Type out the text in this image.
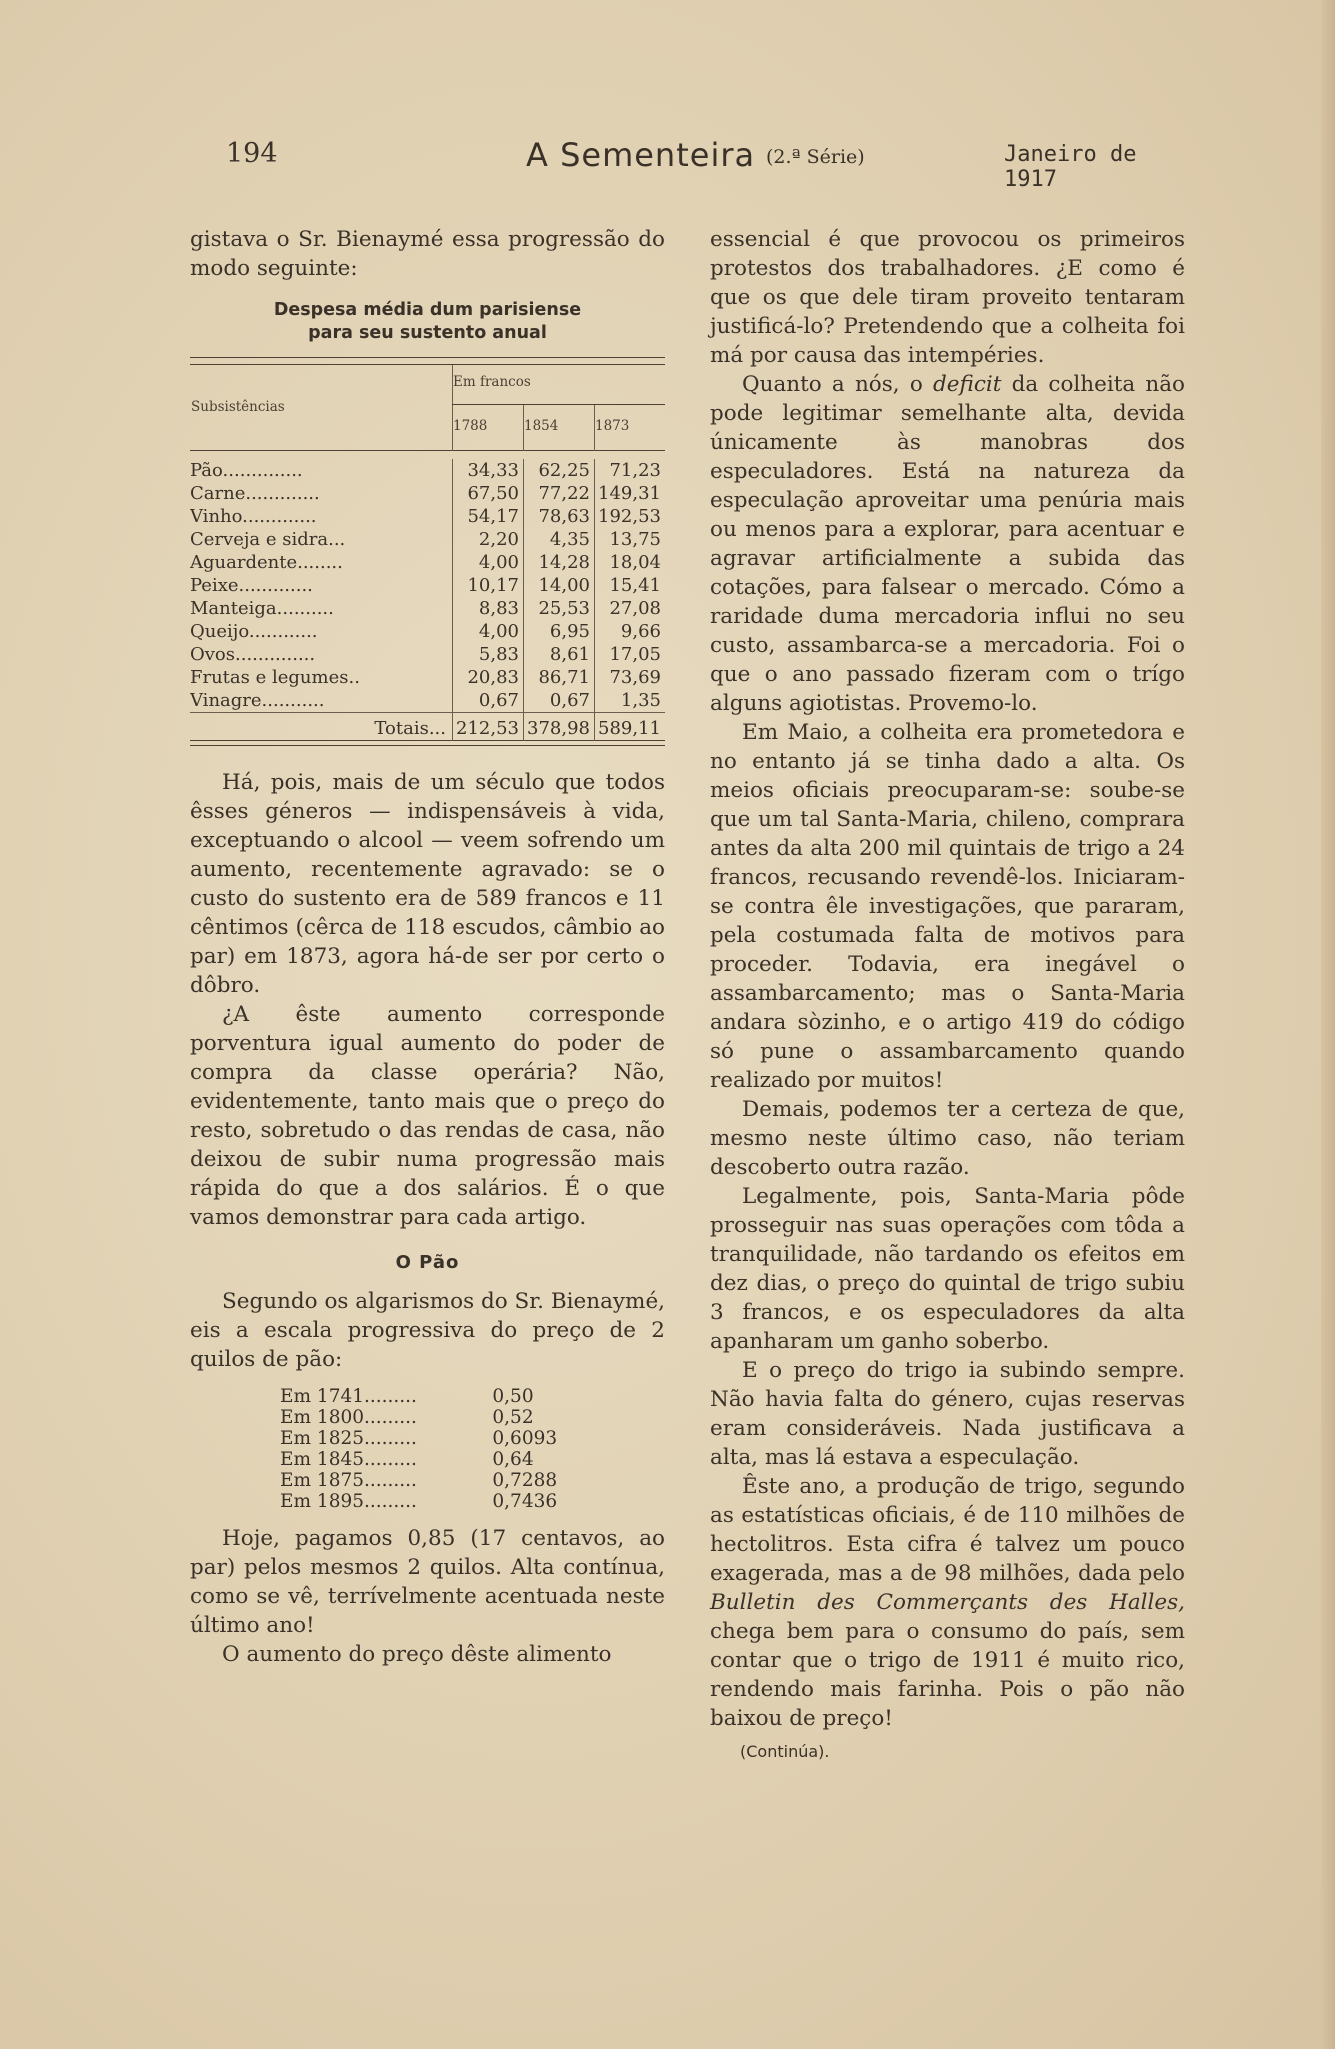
194	A Sementeira (2.ª Série)	Janeiro de 1917

gistava o Sr. Bienaymé essa progressão do modo seguinte:

Despesa média dum parisiense
para seu sustento anual

Subsistências	Em francos		
	1788	1854	1873

Pão..............	34,33	62,25	71,23
Carne.............	67,50	77,22	149,31
Vinho.............	54,17	78,63	192,53
Cerveja e sidra...	2,20	4,35	13,75
Aguardente........	4,00	14,28	18,04
Peixe.............	10,17	14,00	15,41
Manteiga..........	8,83	25,53	27,08
Queijo............	4,00	6,95	9,66
Ovos..............	5,83	8,61	17,05
Frutas e legumes..	20,83	86,71	73,69
Vinagre...........	0,67	0,67	1,35
Totais...	212,53	378,98	589,11

Há, pois, mais de um século que todos êsses géneros — indispensáveis à vida, exceptuando o alcool — veem sofrendo um aumento, recentemente agravado: se o custo do sustento era de 589 francos e 11 cêntimos (cêrca de 118 escudos, câmbio ao par) em 1873, agora há-de ser por certo o dôbro.

¿A êste aumento corresponde porventura igual aumento do poder de compra da classe operária? Não, evidentemente, tanto mais que o preço do resto, sobretudo o das rendas de casa, não deixou de subir numa progressão mais rápida do que a dos salários. É o que vamos demonstrar para cada artigo.

O Pão

Segundo os algarismos do Sr. Bienaymé, eis a escala progressiva do preço de 2 quilos de pão:

Em 1741.........	0,50
Em 1800.........	0,52
Em 1825.........	0,6093
Em 1845.........	0,64
Em 1875.........	0,7288
Em 1895.........	0,7436

Hoje, pagamos 0,85 (17 centavos, ao par) pelos mesmos 2 quilos. Alta contínua, como se vê, terrívelmente acentuada neste último ano!

O aumento do preço dêste alimento

essencial é que provocou os primeiros protestos dos trabalhadores. ¿E como é que os que dele tiram proveito tentaram justificá-lo? Pretendendo que a colheita foi má por causa das intempéries.

Quanto a nós, o deficit da colheita não pode legitimar semelhante alta, devida únicamente às manobras dos especuladores. Está na natureza da especulação aproveitar uma penúria mais ou menos para a explorar, para acentuar e agravar artificialmente a subida das cotações, para falsear o mercado. Cómo a raridade duma mercadoria influi no seu custo, assambarca-se a mercadoria. Foi o que o ano passado fizeram com o trígo alguns agiotistas. Provemo-lo.

Em Maio, a colheita era prometedora e no entanto já se tinha dado a alta. Os meios oficiais preocuparam-se: soube-se que um tal Santa-Maria, chileno, comprara antes da alta 200 mil quintais de trigo a 24 francos, recusando revendê-los. Iniciaram-se contra êle investigações, que pararam, pela costumada falta de motivos para proceder. Todavia, era inegável o assambarcamento; mas o Santa-Maria andara sòzinho, e o artigo 419 do código só pune o assambarcamento quando realizado por muitos!

Demais, podemos ter a certeza de que, mesmo neste último caso, não teriam descoberto outra razão.

Legalmente, pois, Santa-Maria pôde prosseguir nas suas operações com tôda a tranquilidade, não tardando os efeitos em dez dias, o preço do quintal de trigo subiu 3 francos, e os especuladores da alta apanharam um ganho soberbo.

E o preço do trigo ia subindo sempre. Não havia falta do género, cujas reservas eram consideráveis. Nada justificava a alta, mas lá estava a especulação.

Êste ano, a produção de trigo, segundo as estatísticas oficiais, é de 110 milhões de hectolitros. Esta cifra é talvez um pouco exagerada, mas a de 98 milhões, dada pelo Bulletin des Commerçants des Halles, chega bem para o consumo do país, sem contar que o trigo de 1911 é muito rico, rendendo mais farinha. Pois o pão não baixou de preço!

(Continúa).
